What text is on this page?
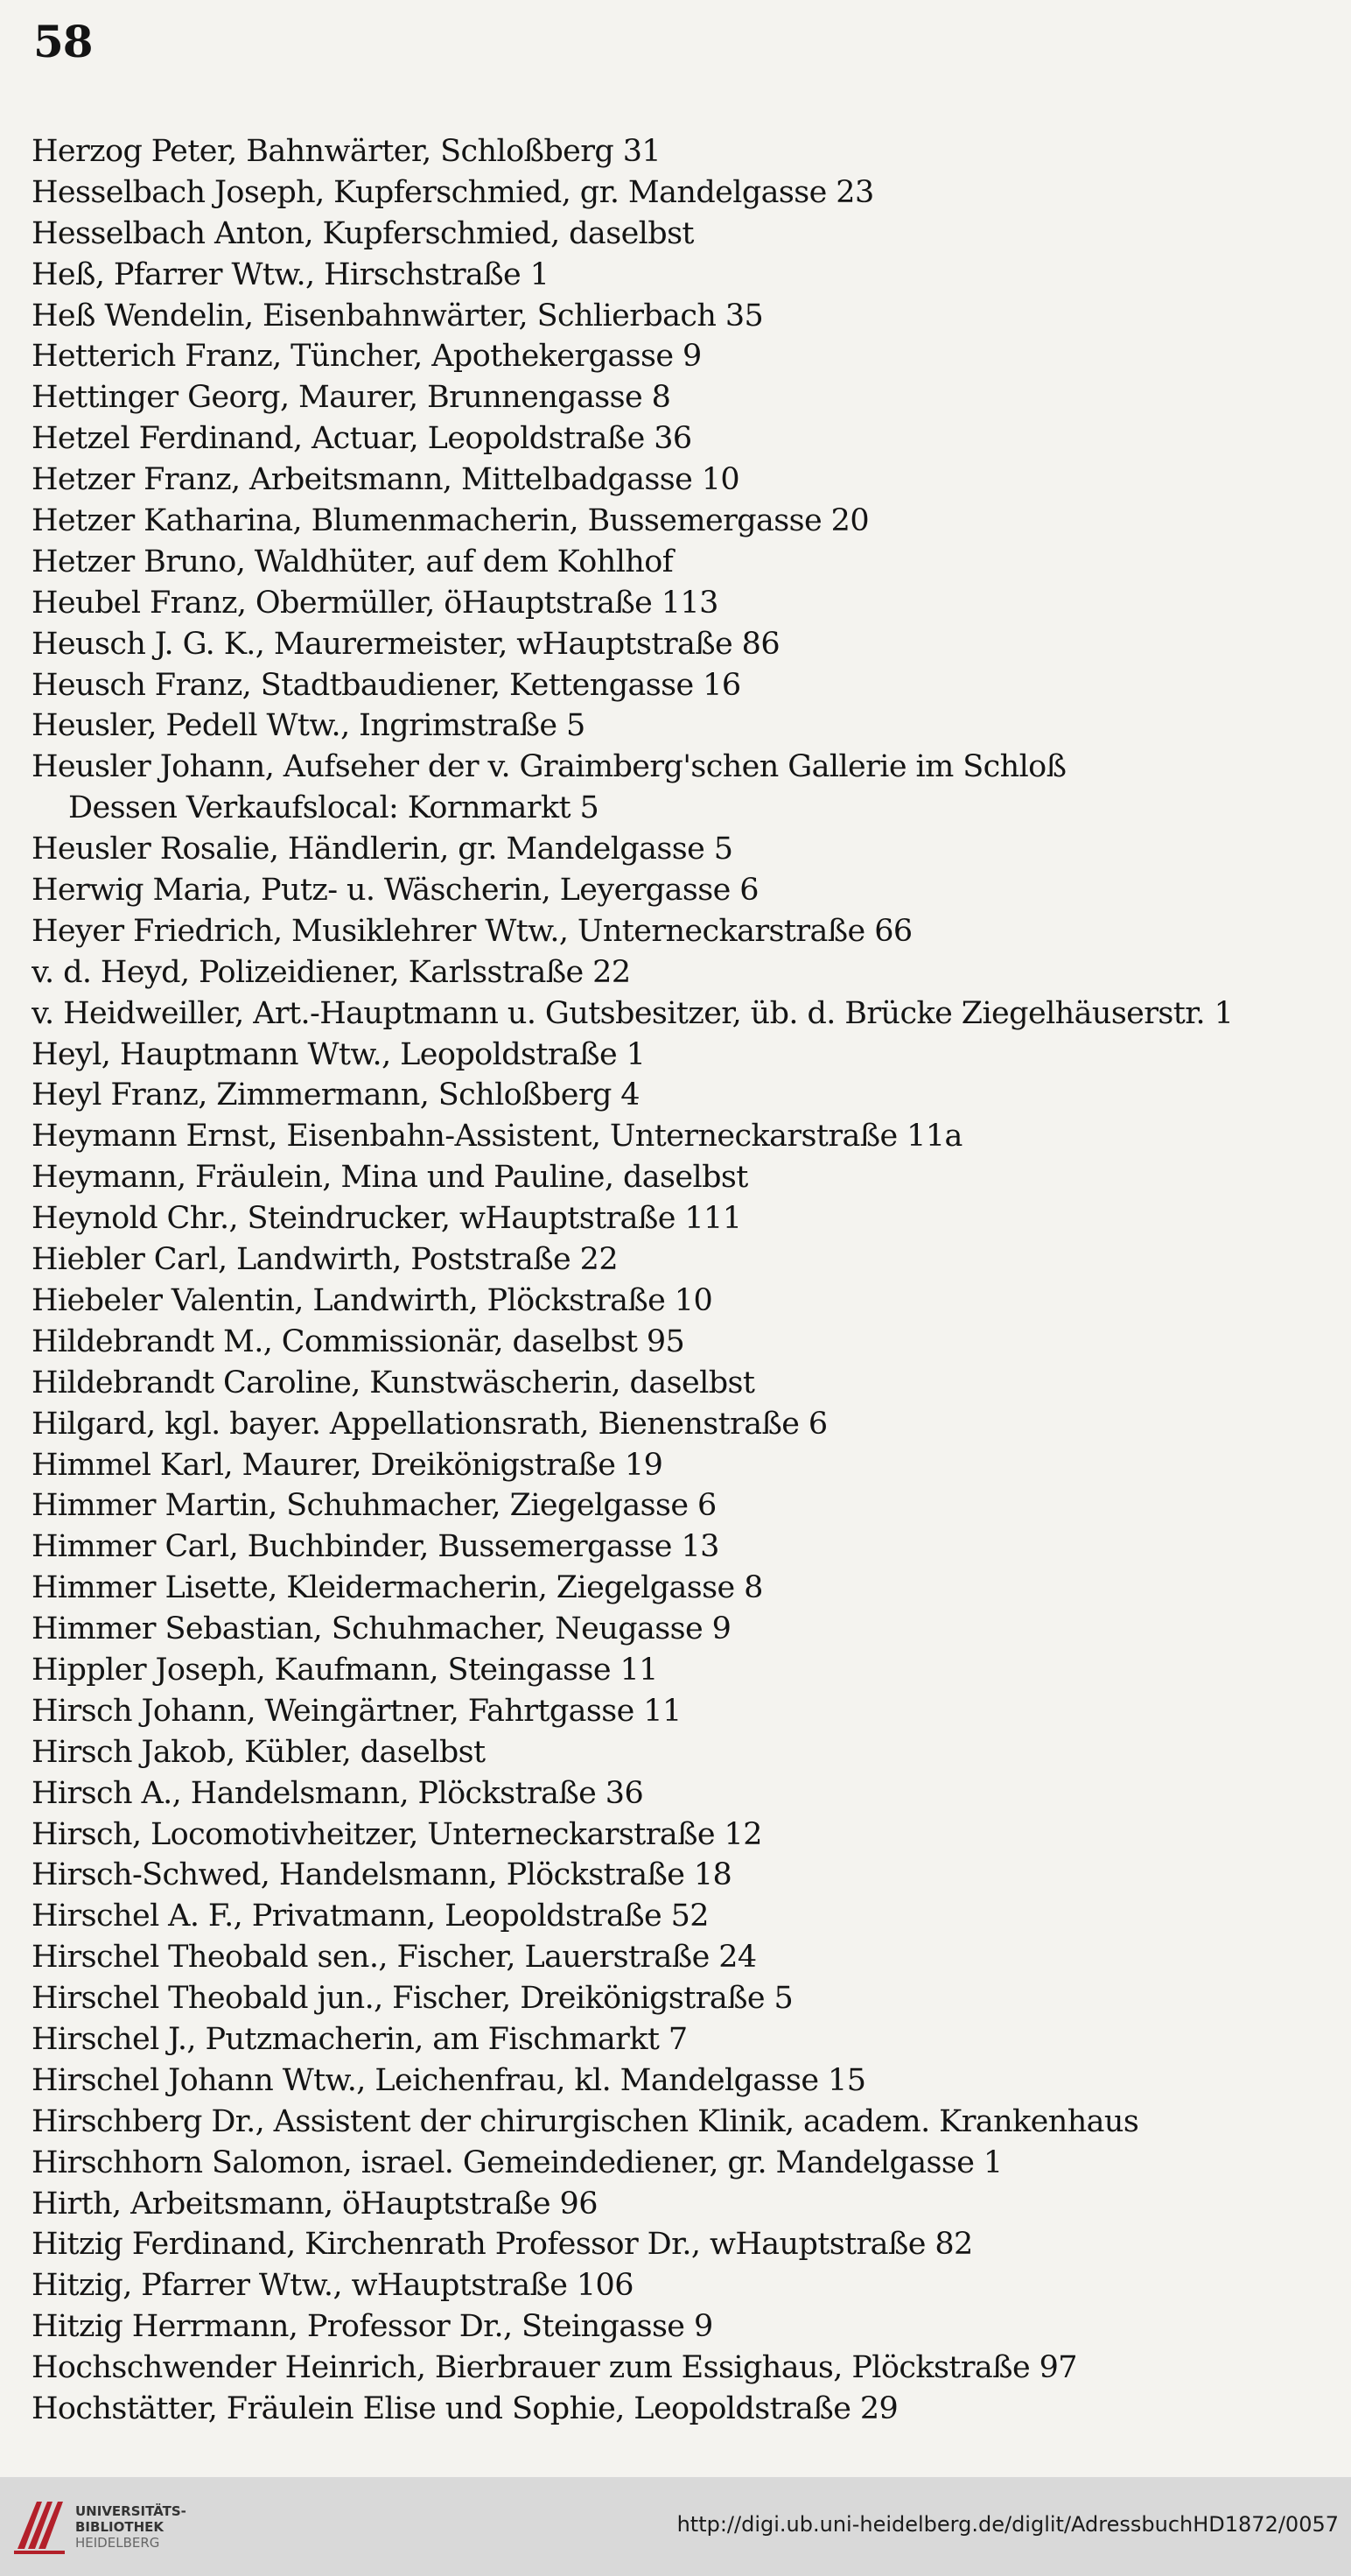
58
Herzog Peter, Bahnwärter, Schloßberg 31
Hesselbach Joseph, Kupferschmied, gr. Mandelgasse 23
Hesselbach Anton, Kupferschmied, daselbst
Heß, Pfarrer Wtw., Hirschstraße 1
Heß Wendelin, Eisenbahnwärter, Schlierbach 35
Hetterich Franz, Tüncher, Apothekergasse 9
Hettinger Georg, Maurer, Brunnengasse 8
Hetzel Ferdinand, Actuar, Leopoldstraße 36
Hetzer Franz, Arbeitsmann, Mittelbadgasse 10
Hetzer Katharina, Blumenmacherin, Bussemergasse 20
Hetzer Bruno, Waldhüter, auf dem Kohlhof
Heubel Franz, Obermüller, öHauptstraße 113
Heusch J. G. K., Maurermeister, wHauptstraße 86
Heusch Franz, Stadtbaudiener, Kettengasse 16
Heusler, Pedell Wtw., Ingrimstraße 5
Heusler Johann, Aufseher der v. Graimberg'schen Gallerie im Schloß
Dessen Verkaufslocal: Kornmarkt 5
Heusler Rosalie, Händlerin, gr. Mandelgasse 5
Herwig Maria, Putz- u. Wäscherin, Leyergasse 6
Heyer Friedrich, Musiklehrer Wtw., Unterneckarstraße 66
v. d. Heyd, Polizeidiener, Karlsstraße 22
v. Heidweiller, Art.-Hauptmann u. Gutsbesitzer, üb. d. Brücke Ziegelhäuserstr. 1
Heyl, Hauptmann Wtw., Leopoldstraße 1
Heyl Franz, Zimmermann, Schloßberg 4
Heymann Ernst, Eisenbahn-Assistent, Unterneckarstraße 11a
Heymann, Fräulein, Mina und Pauline, daselbst
Heynold Chr., Steindrucker, wHauptstraße 111
Hiebler Carl, Landwirth, Poststraße 22
Hiebeler Valentin, Landwirth, Plöckstraße 10
Hildebrandt M., Commissionär, daselbst 95
Hildebrandt Caroline, Kunstwäscherin, daselbst
Hilgard, kgl. bayer. Appellationsrath, Bienenstraße 6
Himmel Karl, Maurer, Dreikönigstraße 19
Himmer Martin, Schuhmacher, Ziegelgasse 6
Himmer Carl, Buchbinder, Bussemergasse 13
Himmer Lisette, Kleidermacherin, Ziegelgasse 8
Himmer Sebastian, Schuhmacher, Neugasse 9
Hippler Joseph, Kaufmann, Steingasse 11
Hirsch Johann, Weingärtner, Fahrtgasse 11
Hirsch Jakob, Kübler, daselbst
Hirsch A., Handelsmann, Plöckstraße 36
Hirsch, Locomotivheitzer, Unterneckarstraße 12
Hirsch-Schwed, Handelsmann, Plöckstraße 18
Hirschel A. F., Privatmann, Leopoldstraße 52
Hirschel Theobald sen., Fischer, Lauerstraße 24
Hirschel Theobald jun., Fischer, Dreikönigstraße 5
Hirschel J., Putzmacherin, am Fischmarkt 7
Hirschel Johann Wtw., Leichenfrau, kl. Mandelgasse 15
Hirschberg Dr., Assistent der chirurgischen Klinik, academ. Krankenhaus
Hirschhorn Salomon, israel. Gemeindediener, gr. Mandelgasse 1
Hirth, Arbeitsmann, öHauptstraße 96
Hitzig Ferdinand, Kirchenrath Professor Dr., wHauptstraße 82
Hitzig, Pfarrer Wtw., wHauptstraße 106
Hitzig Herrmann, Professor Dr., Steingasse 9
Hochschwender Heinrich, Bierbrauer zum Essighaus, Plöckstraße 97
Hochstätter, Fräulein Elise und Sophie, Leopoldstraße 29
UNIVERSITÄTS-
BIBLIOTHEK
HEIDELBERG
http://digi.ub.uni-heidelberg.de/diglit/AdressbuchHD1872/0057
